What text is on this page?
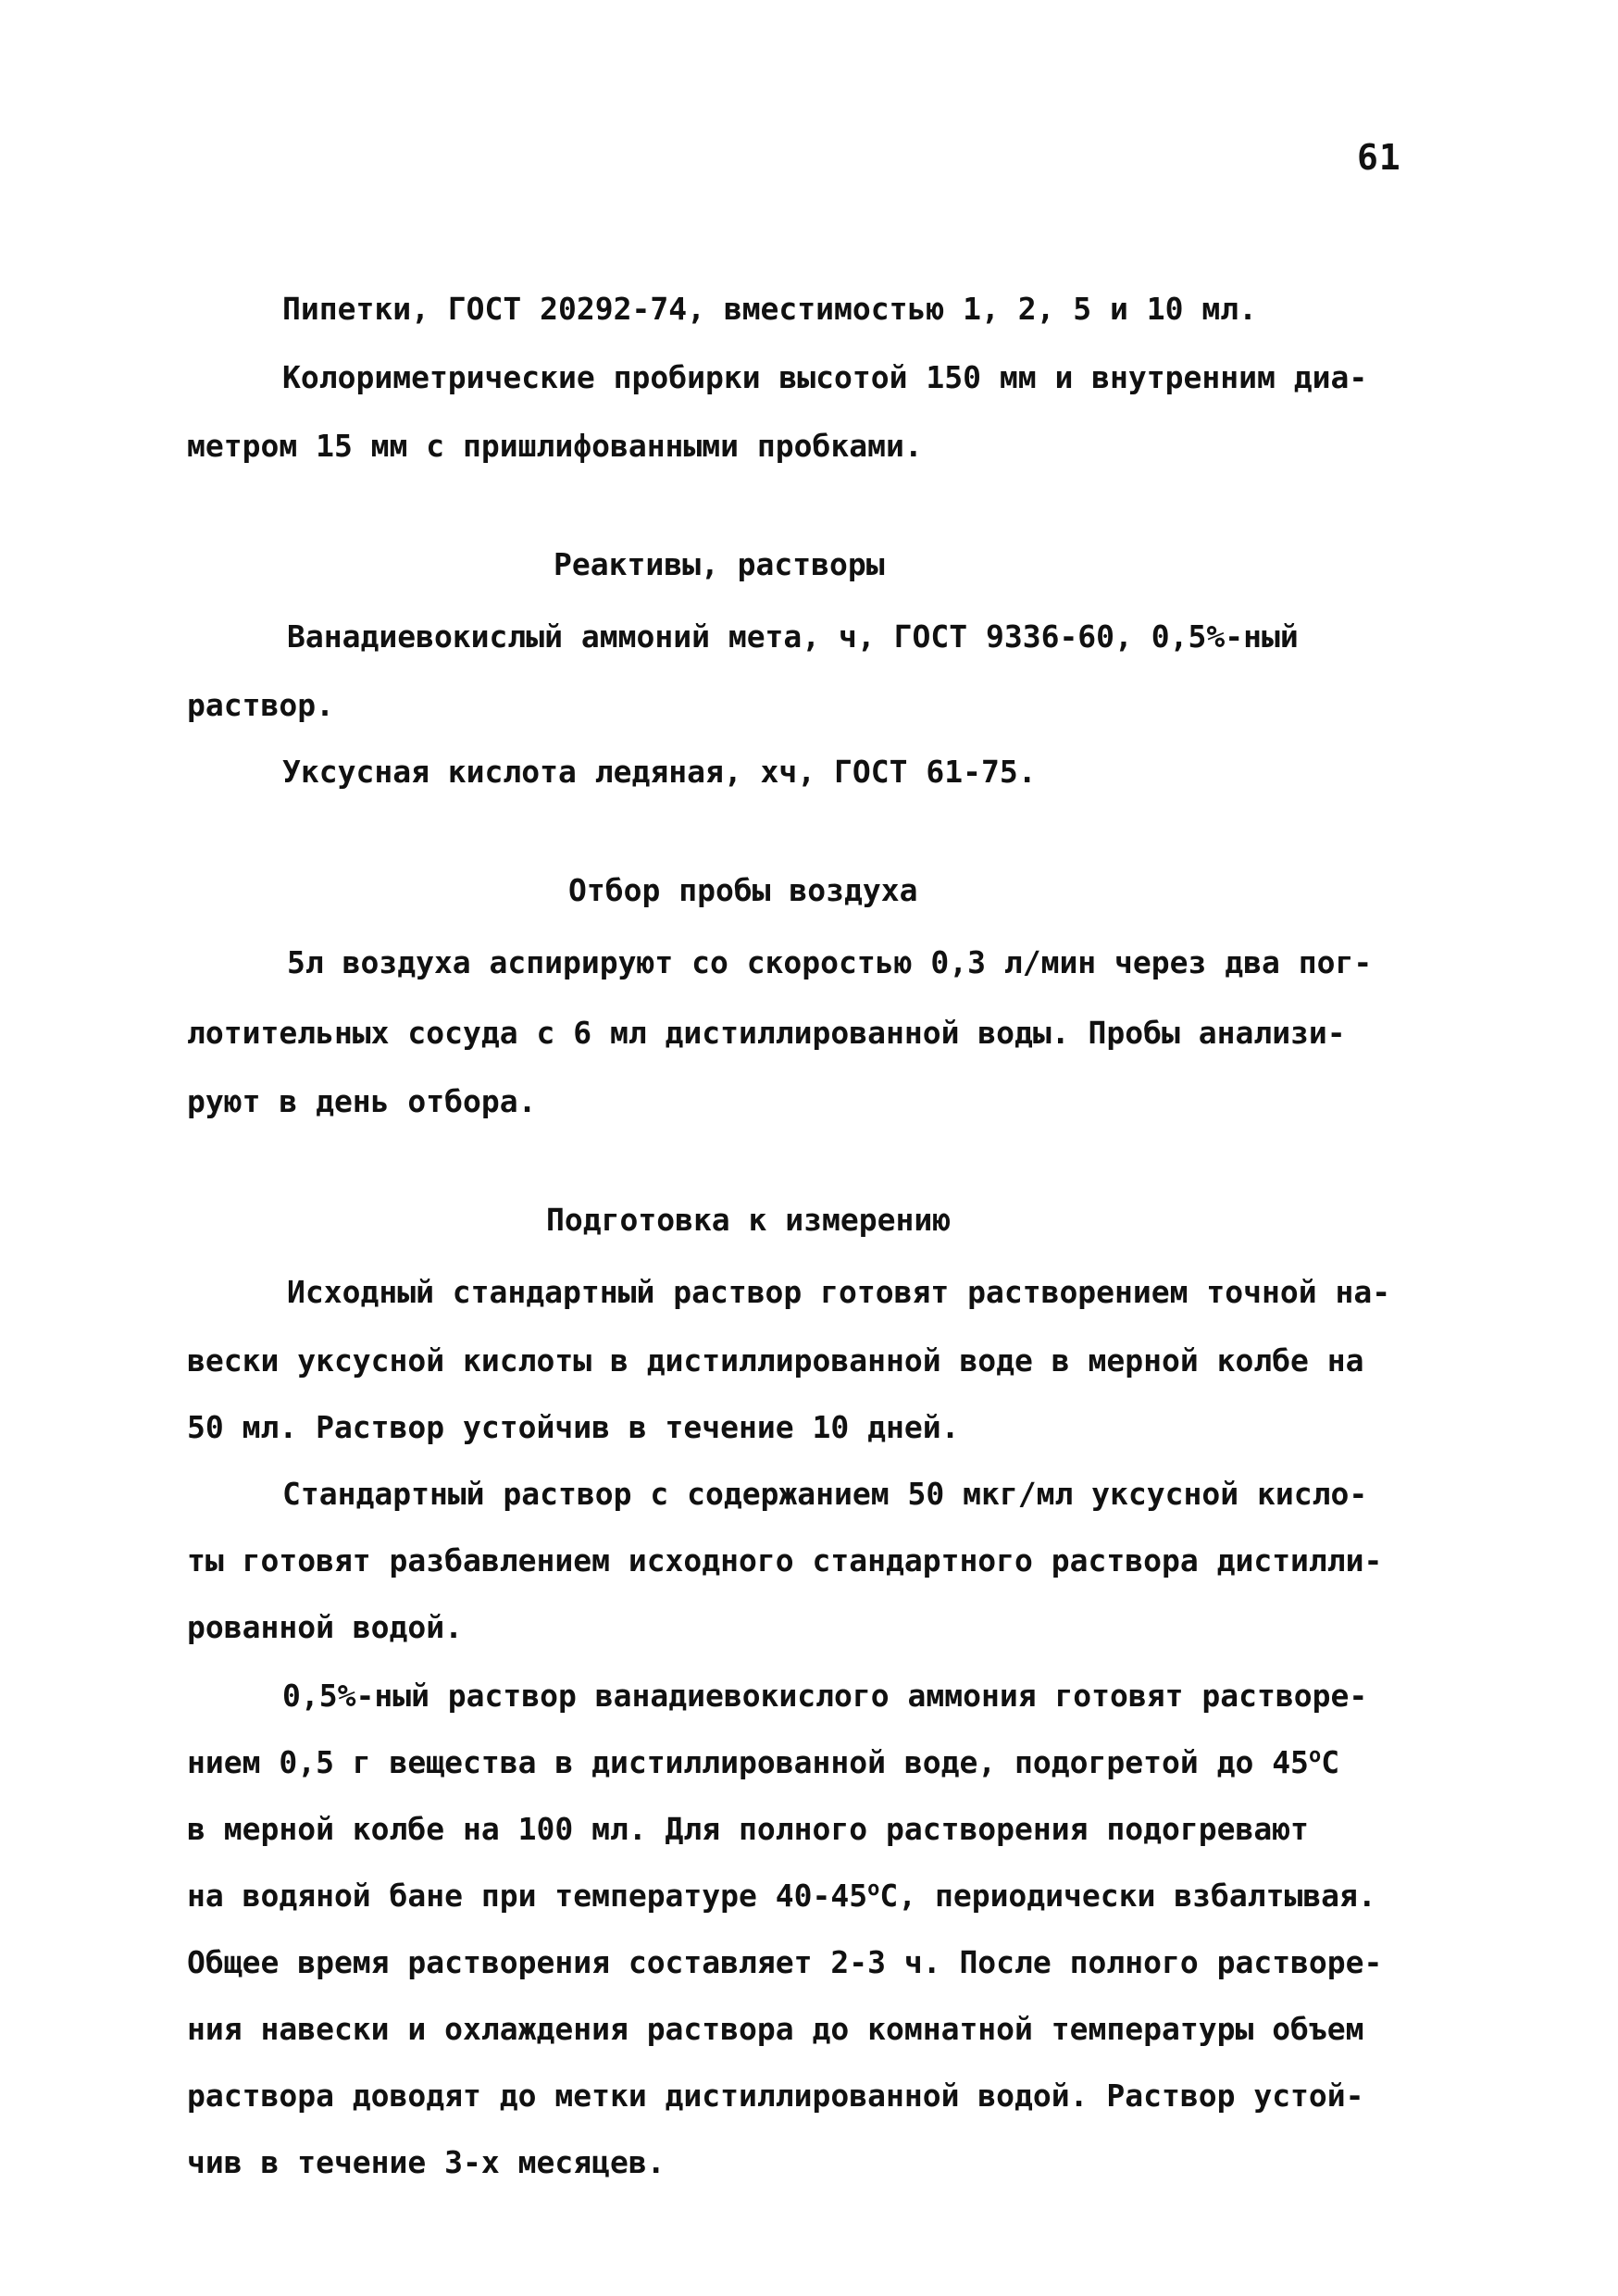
61
Пипетки, ГОСТ 20292-74, вместимостью 1, 2, 5 и 10 мл.
Колориметрические пробирки высотой 150 мм и внутренним диа-
метром 15 мм с пришлифованными пробками.
Реактивы, растворы
Ванадиевокислый аммоний мета, ч, ГОСТ 9336-60, 0,5%-ный
раствор.
Уксусная кислота ледяная, хч, ГОСТ 61-75.
Отбор пробы воздуха
5л воздуха аспирируют со скоростью 0,3 л/мин через два пог-
лотительных сосуда с 6 мл дистиллированной воды. Пробы анализи-
руют в день отбора.
Подготовка к измерению
Исходный стандартный раствор готовят растворением точной на-
вески уксусной кислоты в дистиллированной воде в мерной колбе на
50 мл. Раствор устойчив в течение 10 дней.
Стандартный раствор с содержанием 50 мкг/мл уксусной кисло-
ты готовят разбавлением исходного стандартного раствора дистилли-
рованной водой.
0,5%-ный раствор ванадиевокислого аммония готовят растворе-
нием 0,5 г вещества в дистиллированной воде, подогретой до 45$^o$С
в мерной колбе на 100 мл. Для полного растворения подогревают
на водяной бане при температуре 40-45$^o$С, периодически взбалтывая.
Общее время растворения составляет 2-3 ч. После полного растворе-
ния навески и охлаждения раствора до комнатной температуры объем
раствора доводят до метки дистиллированной водой. Раствор устой-
чив в течение 3-х месяцев.
